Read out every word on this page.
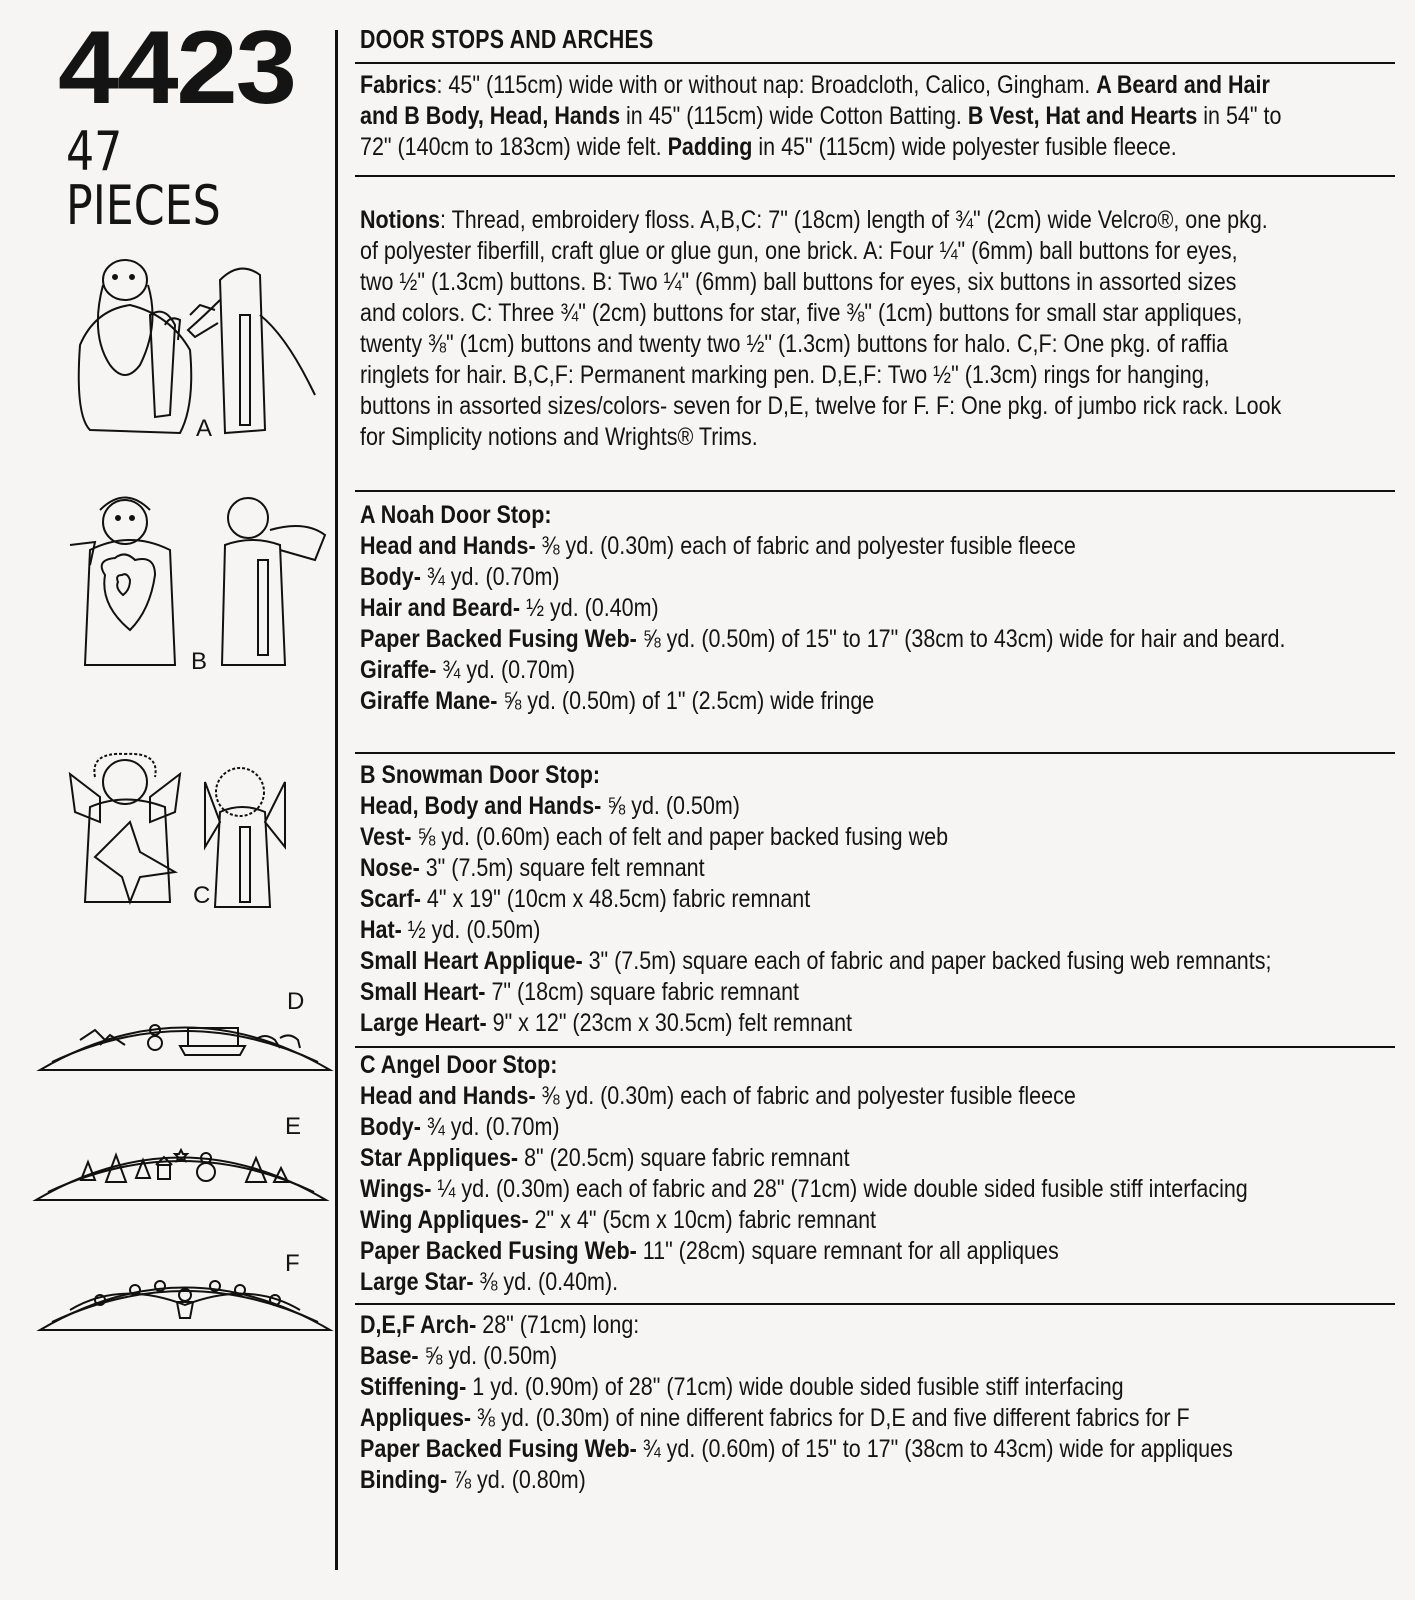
4423
47 PIECES
A
B
C
D
E
F
DOOR STOPS AND ARCHES

Fabrics: 45" (115cm) wide with or without nap: Broadcloth, Calico, Gingham. A Beard and Hair

and B Body, Head, Hands in 45" (115cm) wide Cotton Batting. B Vest, Hat and Hearts in 54" to

72" (140cm to 183cm) wide felt. Padding in 45" (115cm) wide polyester fusible fleece.

Notions: Thread, embroidery floss. A,B,C: 7" (18cm) length of ¾" (2cm) wide Velcro®, one pkg.

of polyester fiberfill, craft glue or glue gun, one brick. A: Four ¼" (6mm) ball buttons for eyes,

two ½" (1.3cm) buttons. B: Two ¼" (6mm) ball buttons for eyes, six buttons in assorted sizes

and colors. C: Three ¾" (2cm) buttons for star, five ⅜" (1cm) buttons for small star appliques,

twenty ⅜" (1cm) buttons and twenty two ½" (1.3cm) buttons for halo. C,F: One pkg. of raffia

ringlets for hair. B,C,F: Permanent marking pen. D,E,F: Two ½" (1.3cm) rings for hanging,

buttons in assorted sizes/colors- seven for D,E, twelve for F. F: One pkg. of jumbo rick rack. Look

for Simplicity notions and Wrights® Trims.

A Noah Door Stop:

Head and Hands- ⅜ yd. (0.30m) each of fabric and polyester fusible fleece

Body- ¾ yd. (0.70m)

Hair and Beard- ½ yd. (0.40m)

Paper Backed Fusing Web- ⅝ yd. (0.50m) of 15" to 17" (38cm to 43cm) wide for hair and beard.

Giraffe- ¾ yd. (0.70m)

Giraffe Mane- ⅝ yd. (0.50m) of 1" (2.5cm) wide fringe

B Snowman Door Stop:

Head, Body and Hands- ⅝ yd. (0.50m)

Vest- ⅝ yd. (0.60m) each of felt and paper backed fusing web

Nose- 3" (7.5m) square felt remnant

Scarf- 4" x 19" (10cm x 48.5cm) fabric remnant

Hat- ½ yd. (0.50m)

Small Heart Applique- 3" (7.5m) square each of fabric and paper backed fusing web remnants;

Small Heart- 7" (18cm) square fabric remnant

Large Heart- 9" x 12" (23cm x 30.5cm) felt remnant

C Angel Door Stop:

Head and Hands- ⅜ yd. (0.30m) each of fabric and polyester fusible fleece

Body- ¾ yd. (0.70m)

Star Appliques- 8" (20.5cm) square fabric remnant

Wings- ¼ yd. (0.30m) each of fabric and 28" (71cm) wide double sided fusible stiff interfacing

Wing Appliques- 2" x 4" (5cm x 10cm) fabric remnant

Paper Backed Fusing Web- 11" (28cm) square remnant for all appliques

Large Star- ⅜ yd. (0.40m).

D,E,F Arch- 28" (71cm) long:

Base- ⅝ yd. (0.50m)

Stiffening- 1 yd. (0.90m) of 28" (71cm) wide double sided fusible stiff interfacing

Appliques- ⅜ yd. (0.30m) of nine different fabrics for D,E and five different fabrics for F

Paper Backed Fusing Web- ¾ yd. (0.60m) of 15" to 17" (38cm to 43cm) wide for appliques

Binding- ⅞ yd. (0.80m)
